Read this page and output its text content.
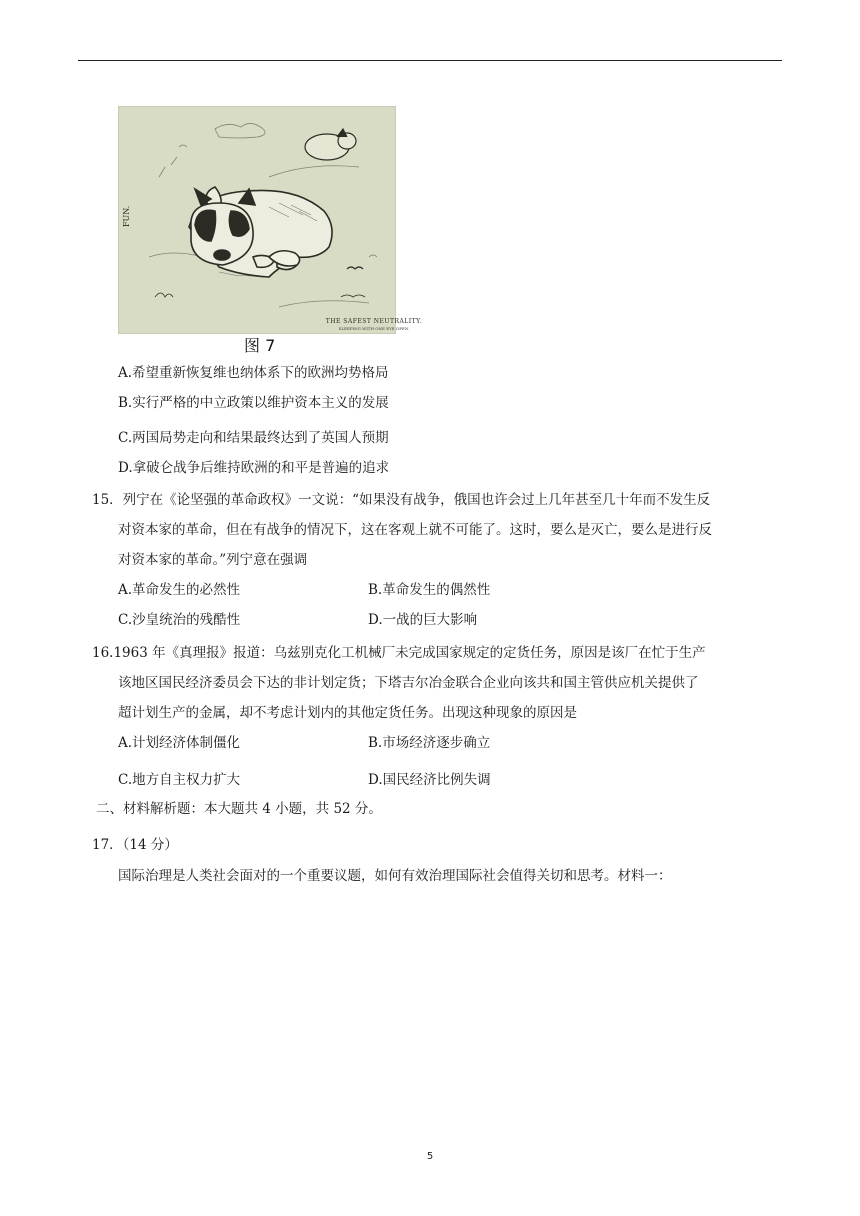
FUN.
THE SAFEST NEUTRALITY.
SLEEPING WITH ONE EYE OPEN.
图 7
A.希望重新恢复维也纳体系下的欧洲均势格局
B.实行严格的中立政策以维护资本主义的发展
C.两国局势走向和结果最终达到了英国人预期
D.拿破仑战争后维持欧洲的和平是普遍的追求
15．列宁在《论坚强的革命政权》一文说：“如果没有战争，俄国也许会过上几年甚至几十年而不发生反
对资本家的革命，但在有战争的情况下，这在客观上就不可能了。这时，要么是灭亡，要么是进行反
对资本家的革命。”列宁意在强调
A.革命发生的必然性	B.革命发生的偶然性
C.沙皇统治的残酷性	D.一战的巨大影响
16.1963 年《真理报》报道：乌兹别克化工机械厂未完成国家规定的定货任务，原因是该厂在忙于生产
该地区国民经济委员会下达的非计划定货；下塔吉尔冶金联合企业向该共和国主管供应机关提供了
超计划生产的金属，却不考虑计划内的其他定货任务。出现这种现象的原因是
A.计划经济体制僵化	B.市场经济逐步确立
C.地方自主权力扩大	D.国民经济比例失调
二、材料解析题：本大题共 4 小题，共 52 分。
17．（14 分）
国际治理是人类社会面对的一个重要议题，如何有效治理国际社会值得关切和思考。材料一：
5
